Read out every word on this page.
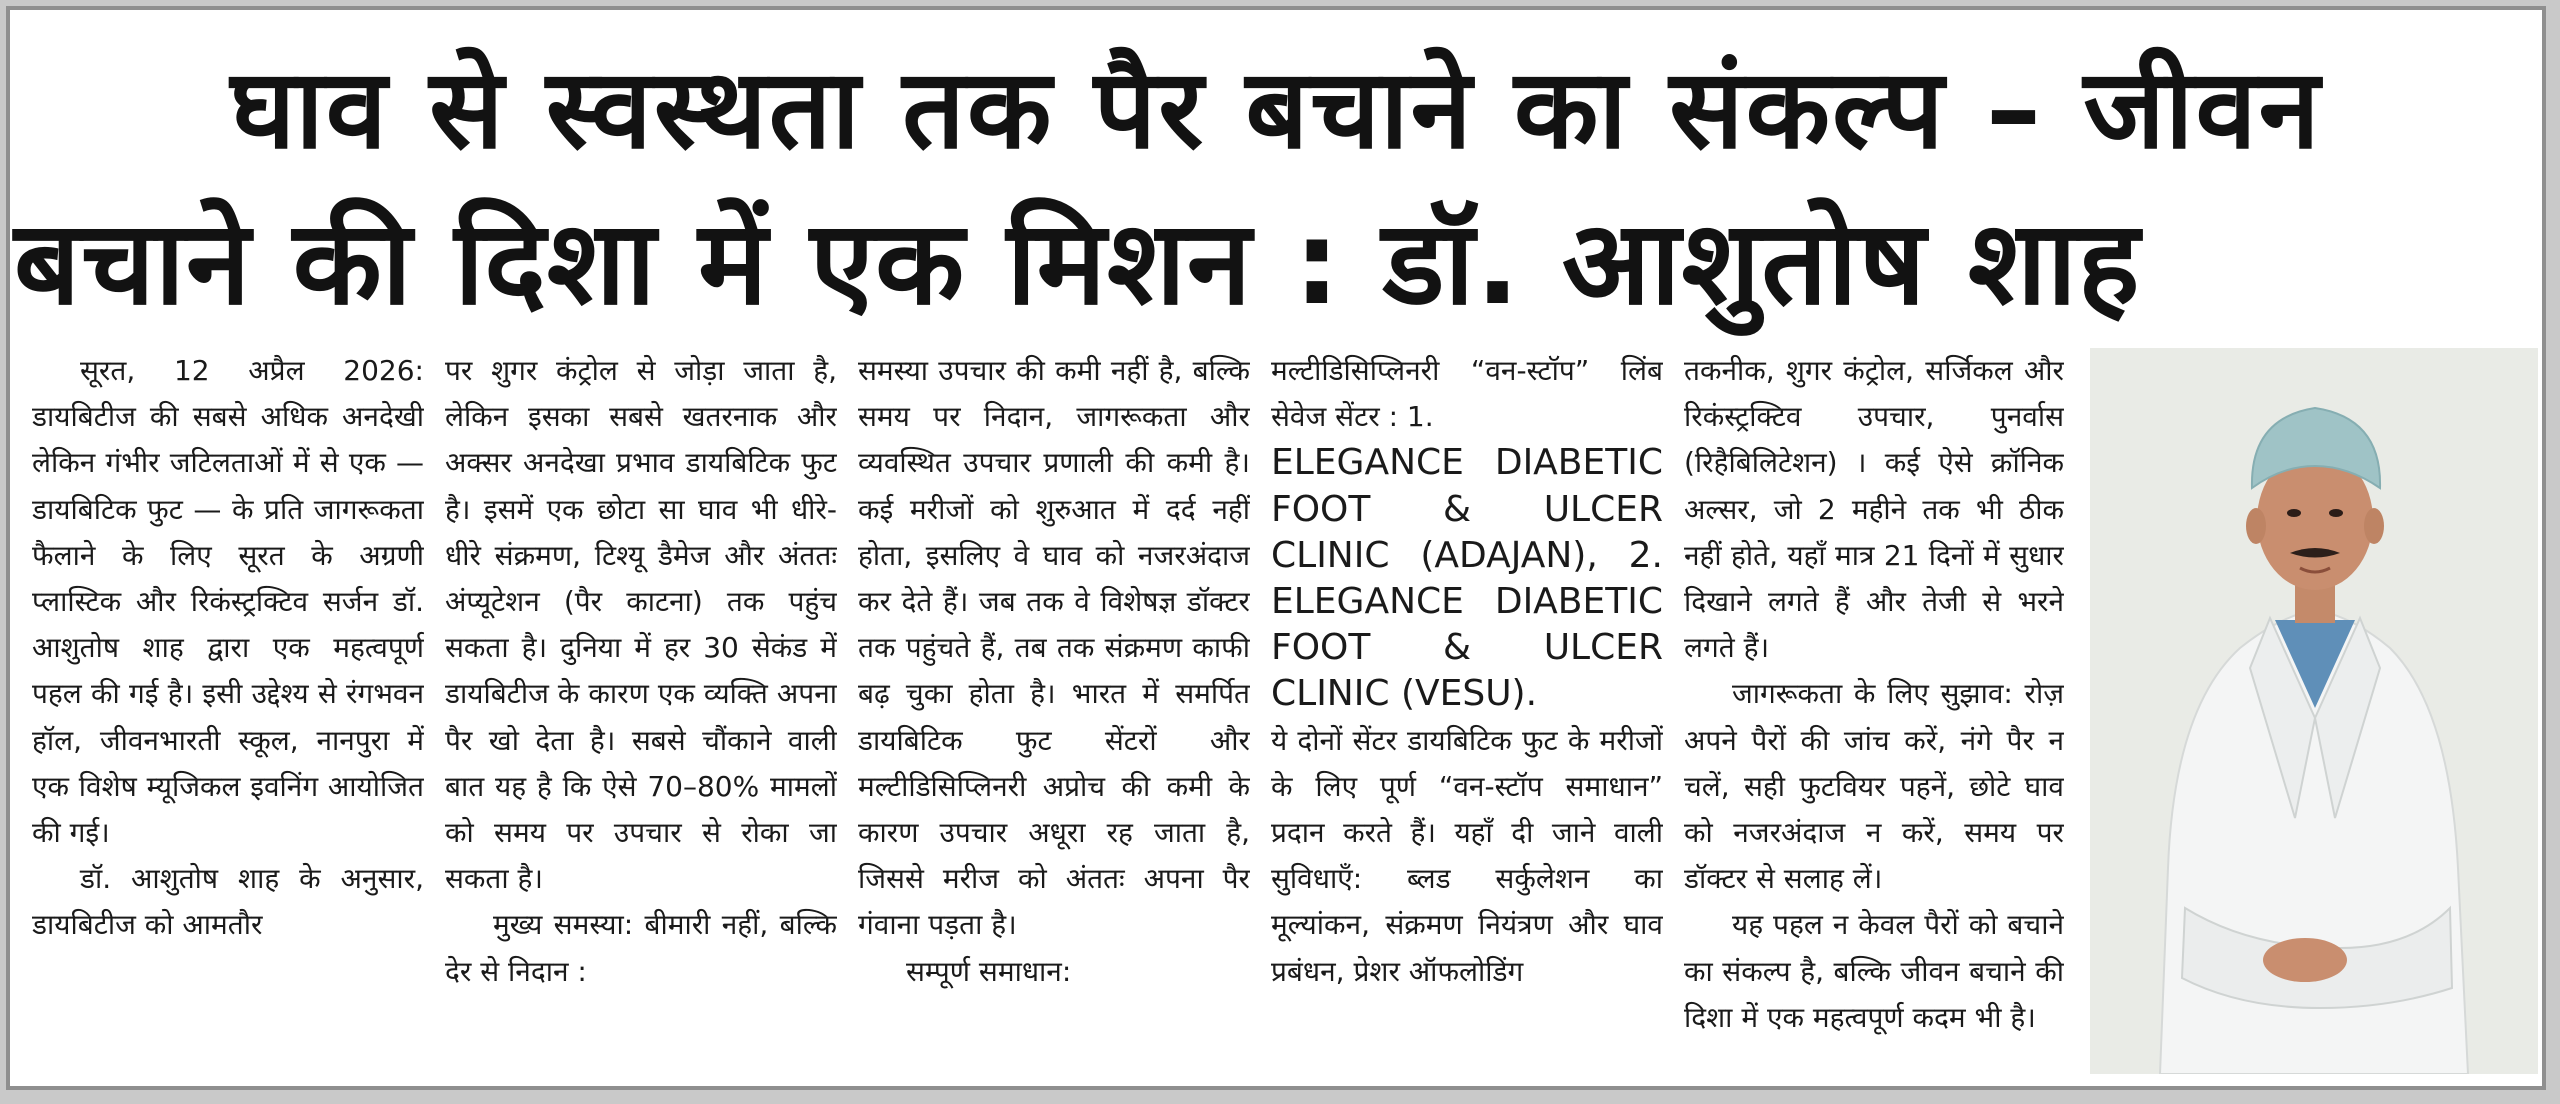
घाव से स्वस्थता तक पैर बचाने का संकल्प – जीवन
बचाने की दिशा में एक मिशन : डॉ. आशुतोष शाह

सूरत, 12 अप्रैल 2026: डायबिटीज की सबसे अधिक अनदेखी लेकिन गंभीर जटिलताओं में से एक — डायबिटिक फुट — के प्रति जागरूकता फैलाने के लिए सूरत के अग्रणी प्लास्टिक और रिकंस्ट्रक्टिव सर्जन डॉ. आशुतोष शाह द्वारा एक महत्वपूर्ण पहल की गई है। इसी उद्देश्य से रंगभवन हॉल, जीवनभारती स्कूल, नानपुरा में एक विशेष म्यूजिकल इवनिंग आयोजित की गई।

डॉ. आशुतोष शाह के अनुसार, डायबिटीज को आमतौर

पर शुगर कंट्रोल से जोड़ा जाता है, लेकिन इसका सबसे खतरनाक और अक्सर अनदेखा प्रभाव डायबिटिक फुट है। इसमें एक छोटा सा घाव भी धीरे-धीरे संक्रमण, टिश्यू डैमेज और अंततः अंप्यूटेशन (पैर काटना) तक पहुंच सकता है। दुनिया में हर 30 सेकंड में डायबिटीज के कारण एक व्यक्ति अपना पैर खो देता है। सबसे चौंकाने वाली बात यह है कि ऐसे 70–80% मामलों को समय पर उपचार से रोका जा सकता है।

मुख्य समस्या: बीमारी नहीं, बल्कि देर से निदान :

समस्या उपचार की कमी नहीं है, बल्कि समय पर निदान, जागरूकता और व्यवस्थित उपचार प्रणाली की कमी है। कई मरीजों को शुरुआत में दर्द नहीं होता, इसलिए वे घाव को नजरअंदाज कर देते हैं। जब तक वे विशेषज्ञ डॉक्टर तक पहुंचते हैं, तब तक संक्रमण काफी बढ़ चुका होता है। भारत में समर्पित डायबिटिक फुट सेंटरों और मल्टीडिसिप्लिनरी अप्रोच की कमी के कारण उपचार अधूरा रह जाता है, जिससे मरीज को अंततः अपना पैर गंवाना पड़ता है।

सम्पूर्ण समाधान:

मल्टीडिसिप्लिनरी “वन-स्टॉप” लिंब सेवेज सेंटर : 1.

ELEGANCE DIABETIC FOOT & ULCER CLINIC (ADAJAN), 2. ELEGANCE DIABETIC FOOT & ULCER CLINIC (VESU).

ये दोनों सेंटर डायबिटिक फुट के मरीजों के लिए पूर्ण “वन-स्टॉप समाधान” प्रदान करते हैं। यहाँ दी जाने वाली सुविधाएँ: ब्लड सर्कुलेशन का मूल्यांकन, संक्रमण नियंत्रण और घाव प्रबंधन, प्रेशर ऑफलोडिंग

तकनीक, शुगर कंट्रोल, सर्जिकल और रिकंस्ट्रक्टिव उपचार, पुनर्वास (रिहैबिलिटेशन) । कई ऐसे क्रॉनिक अल्सर, जो 2 महीने तक भी ठीक नहीं होते, यहाँ मात्र 21 दिनों में सुधार दिखाने लगते हैं और तेजी से भरने लगते हैं।

जागरूकता के लिए सुझाव: रोज़ अपने पैरों की जांच करें, नंगे पैर न चलें, सही फुटवियर पहनें, छोटे घाव को नजरअंदाज न करें, समय पर डॉक्टर से सलाह लें।

यह पहल न केवल पैरों को बचाने का संकल्प है, बल्कि जीवन बचाने की दिशा में एक महत्वपूर्ण कदम भी है।
